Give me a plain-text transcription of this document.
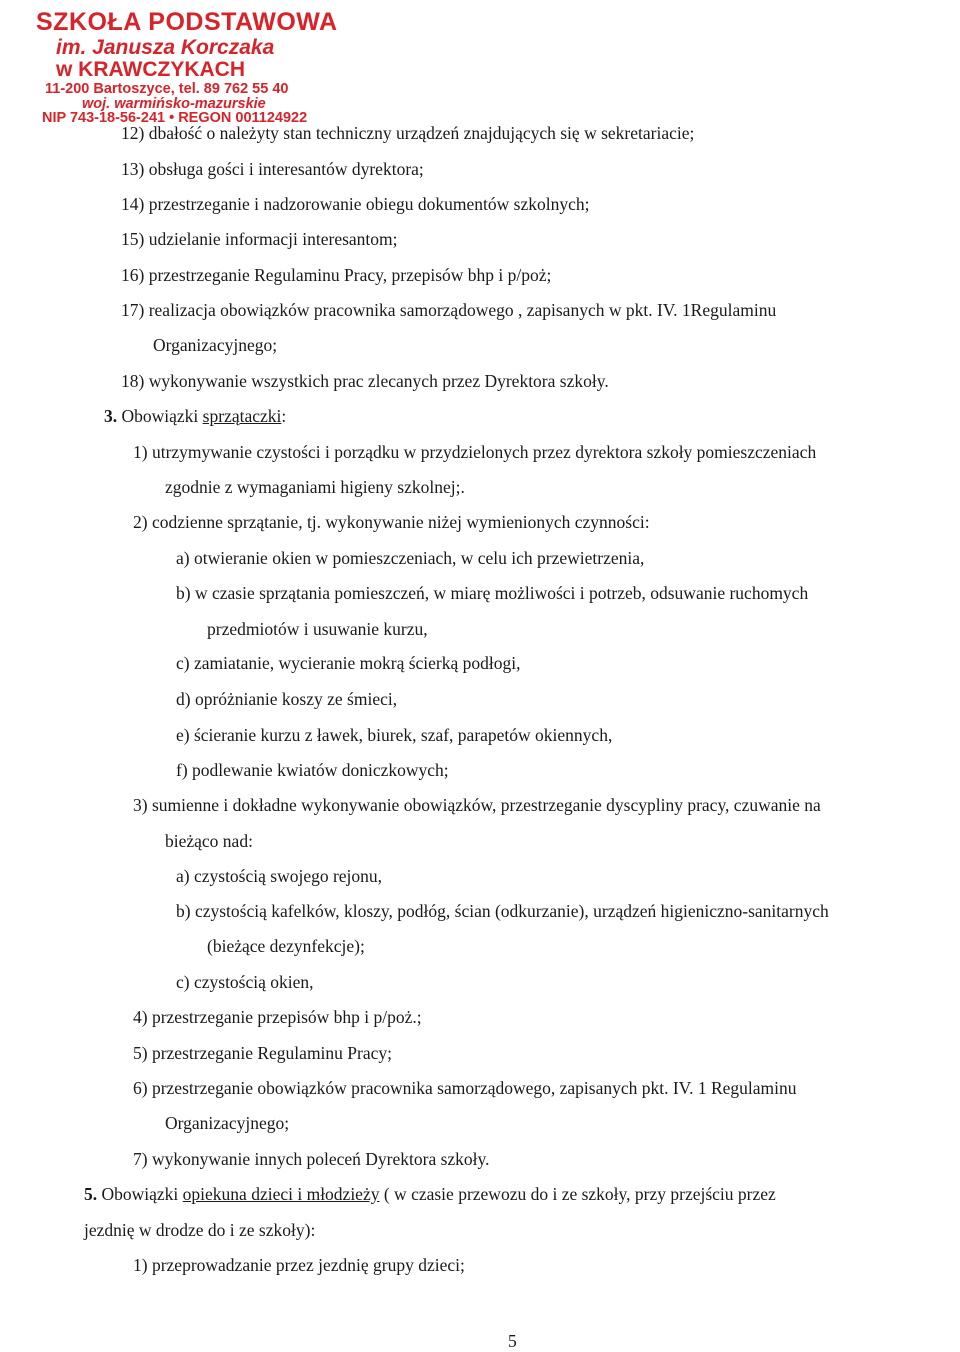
SZKOŁA PODSTAWOWA
im. Janusza Korczaka
w KRAWCZYKACH
11-200 Bartoszyce, tel. 89 762 55 40
woj. warmińsko-mazurskie
NIP 743-18-56-241 • REGON 001124922

12) dbałość o należyty stan techniczny urządzeń znajdujących się w sekretariacie;

13) obsługa gości i interesantów dyrektora;

14) przestrzeganie i nadzorowanie obiegu dokumentów szkolnych;

15) udzielanie informacji interesantom;

16) przestrzeganie Regulaminu Pracy, przepisów bhp i p/poż;

17) realizacja obowiązków pracownika samorządowego , zapisanych w pkt. IV. 1Regulaminu

Organizacyjnego;

18) wykonywanie wszystkich prac zlecanych przez Dyrektora szkoły.

3. Obowiązki sprzątaczki:

1) utrzymywanie czystości i porządku w przydzielonych przez dyrektora szkoły pomieszczeniach

zgodnie z wymaganiami higieny szkolnej;.

2) codzienne sprzątanie, tj. wykonywanie niżej wymienionych czynności:

a) otwieranie okien w pomieszczeniach, w celu ich przewietrzenia,

b) w czasie sprzątania pomieszczeń, w miarę możliwości i potrzeb, odsuwanie ruchomych

przedmiotów i usuwanie kurzu,

c) zamiatanie, wycieranie mokrą ścierką podłogi,

d) opróżnianie koszy ze śmieci,

e) ścieranie kurzu z ławek, biurek, szaf, parapetów okiennych,

f) podlewanie kwiatów doniczkowych;

3) sumienne i dokładne wykonywanie obowiązków, przestrzeganie dyscypliny pracy, czuwanie na

bieżąco nad:

a) czystością swojego rejonu,

b) czystością kafelków, kloszy, podłóg, ścian (odkurzanie), urządzeń higieniczno-sanitarnych

(bieżące dezynfekcje);

c) czystością okien,

4) przestrzeganie przepisów bhp i p/poż.;

5) przestrzeganie Regulaminu Pracy;

6) przestrzeganie obowiązków pracownika samorządowego, zapisanych pkt. IV. 1 Regulaminu

Organizacyjnego;

7) wykonywanie innych poleceń Dyrektora szkoły.

5. Obowiązki opiekuna dzieci i młodzieży ( w czasie przewozu do i ze szkoły, przy przejściu przez

jezdnię w drodze do i ze szkoły):

1) przeprowadzanie przez jezdnię grupy dzieci;

5
